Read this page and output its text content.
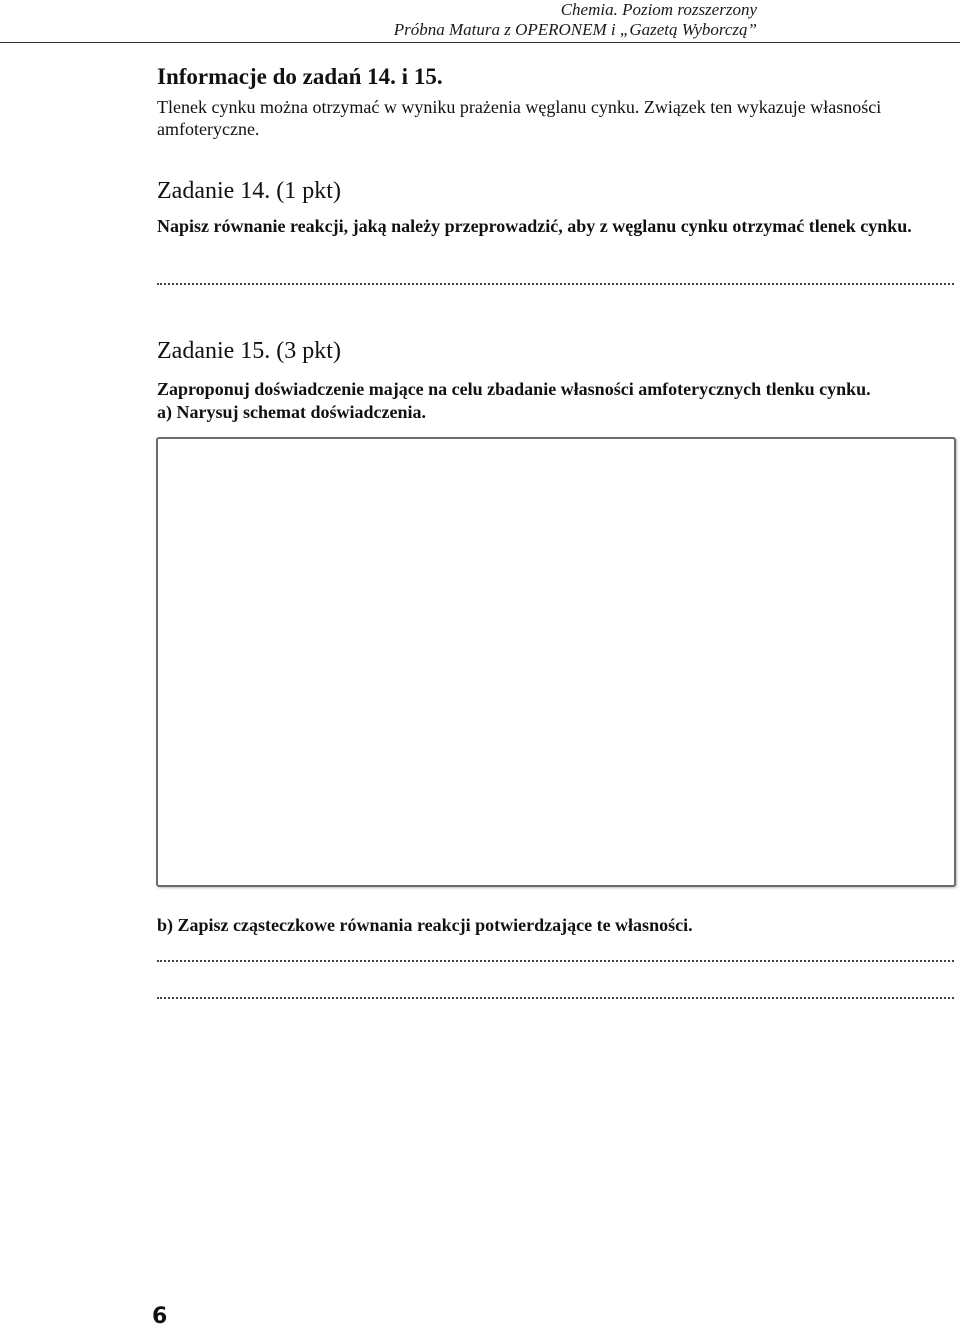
Chemia. Poziom rozszerzony
Próbna Matura z OPERONEM i „Gazetą Wyborczą”
Informacje do zadań 14. i 15.
Tlenek cynku można otrzymać w wyniku prażenia węglanu cynku. Związek ten wykazuje własności amfoteryczne.
Zadanie 14. (1 pkt)
Napisz równanie reakcji, jaką należy przeprowadzić, aby z węglanu cynku otrzymać tlenek cynku.
Zadanie 15. (3 pkt)
Zaproponuj doświadczenie mające na celu zbadanie własności amfoterycznych tlenku cynku.
a) Narysuj schemat doświadczenia.
b) Zapisz cząsteczkowe równania reakcji potwierdzające te własności.
6
